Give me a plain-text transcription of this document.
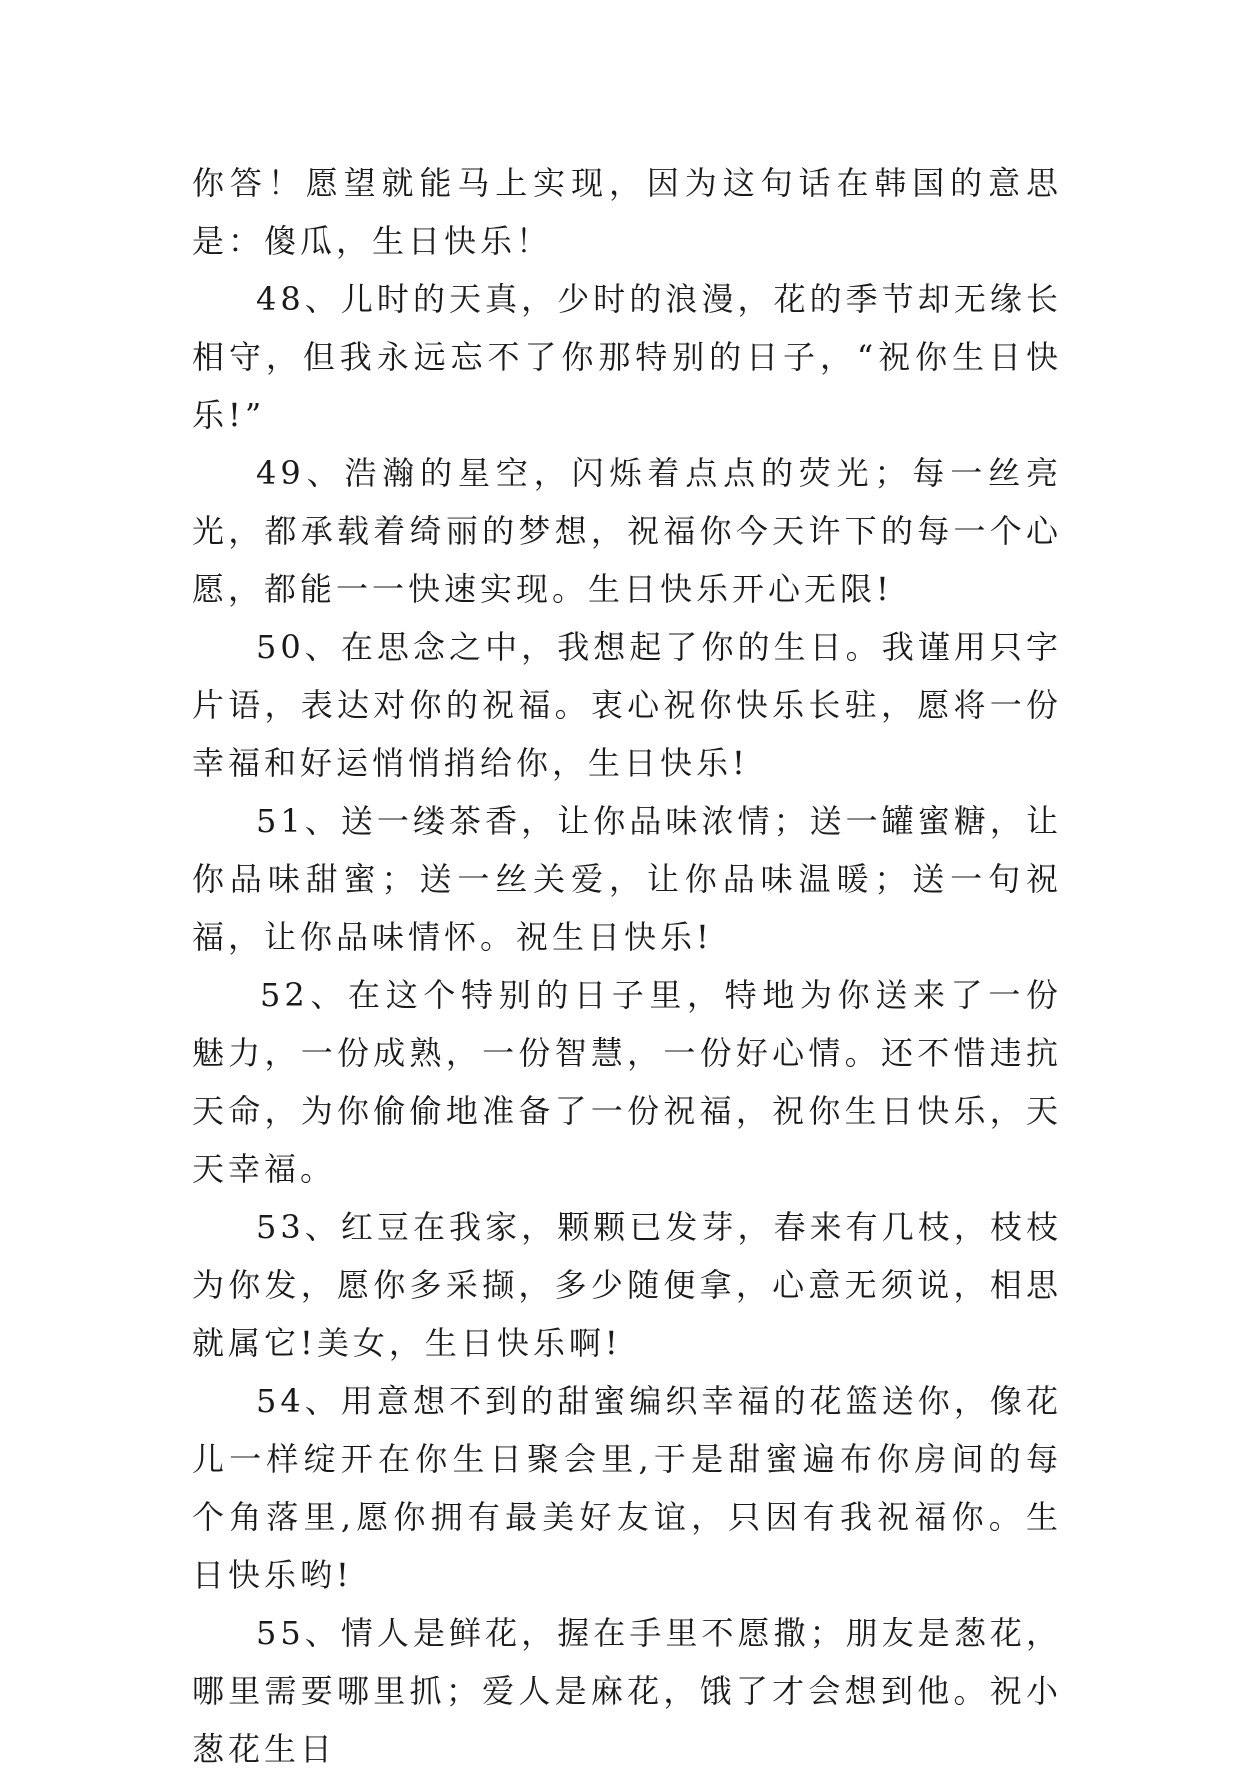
你答！愿望就能马上实现，因为这句话在韩国的意思是：傻瓜，生日快乐！

48、儿时的天真，少时的浪漫，花的季节却无缘长相守，但我永远忘不了你那特别的日子，“祝你生日快乐!”

49、浩瀚的星空，闪烁着点点的荧光；每一丝亮光，都承载着绮丽的梦想，祝福你今天许下的每一个心愿，都能一一快速实现。生日快乐开心无限!

50、在思念之中，我想起了你的生日。我谨用只字片语，表达对你的祝福。衷心祝你快乐长驻，愿将一份幸福和好运悄悄捎给你，生日快乐!

51、送一缕茶香，让你品味浓情；送一罐蜜糖，让你品味甜蜜；送一丝关爱，让你品味温暖；送一句祝福，让你品味情怀。祝生日快乐!

52、在这个特别的日子里，特地为你送来了一份魅力，一份成熟，一份智慧，一份好心情。还不惜违抗天命，为你偷偷地准备了一份祝福，祝你生日快乐，天天幸福。

53、红豆在我家，颗颗已发芽，春来有几枝，枝枝为你发，愿你多采撷，多少随便拿，心意无须说，相思就属它!美女，生日快乐啊!

54、用意想不到的甜蜜编织幸福的花篮送你，像花儿一样绽开在你生日聚会里,于是甜蜜遍布你房间的每个角落里,愿你拥有最美好友谊，只因有我祝福你。生日快乐哟!

55、情人是鲜花，握在手里不愿撒；朋友是葱花，哪里需要哪里抓；爱人是麻花，饿了才会想到他。祝小葱花生日
